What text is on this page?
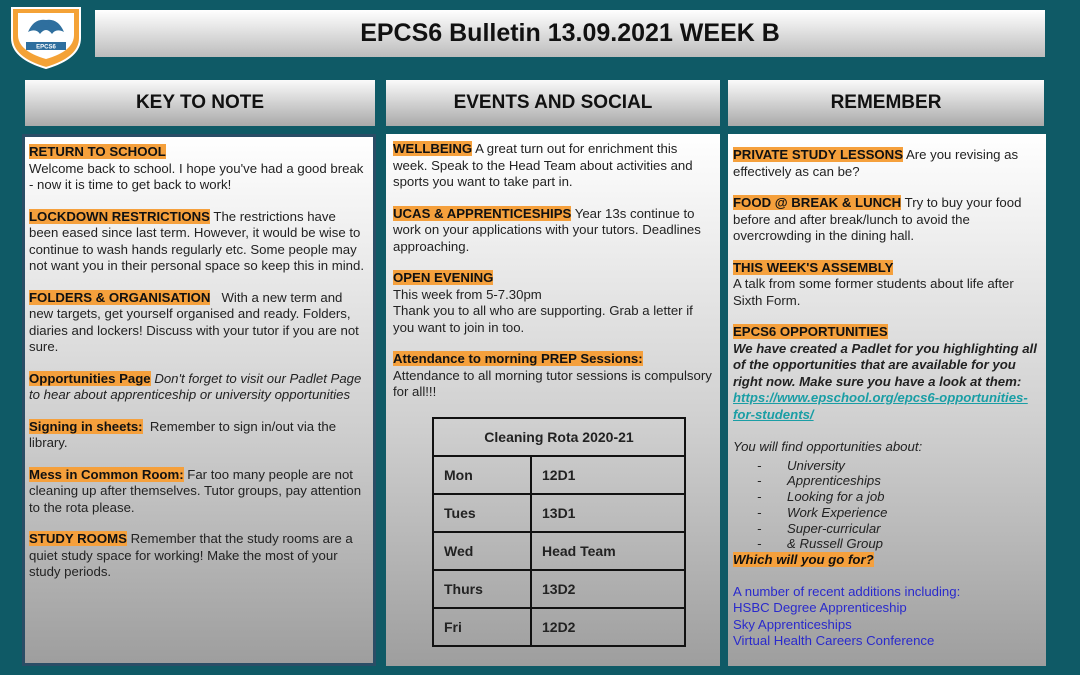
EPCS6
EPCS6 Bulletin 13.09.2021 WEEK B
KEY TO NOTE	EVENTS AND SOCIAL	REMEMBER
RETURN TO SCHOOL
Welcome back to school. I hope you've had a good break - now it is time to get back to work!
LOCKDOWN RESTRICTIONS The restrictions have been eased since last term. However, it would be wise to continue to wash hands regularly etc. Some people may not want you in their personal space so keep this in mind.
FOLDERS & ORGANISATION With a new term and new targets, get yourself organised and ready. Folders, diaries and lockers! Discuss with your tutor if you are not sure.
Opportunities Page Don't forget to visit our Padlet Page to hear about apprenticeship or university opportunities
Signing in sheets: Remember to sign in/out via the library.
Mess in Common Room: Far too many people are not cleaning up after themselves. Tutor groups, pay attention to the rota please.
STUDY ROOMS Remember that the study rooms are a quiet study space for working! Make the most of your study periods.
WELLBEING A great turn out for enrichment this week. Speak to the Head Team about activities and sports you want to take part in.
UCAS & APPRENTICESHIPS Year 13s continue to work on your applications with your tutors. Deadlines approaching.
OPEN EVENING
This week from 5-7.30pm
Thank you to all who are supporting. Grab a letter if you want to join in too.
Attendance to morning PREP Sessions:
Attendance to all morning tutor sessions is compulsory for all!!!
Cleaning Rota 2020-21	
Mon	12D1
Tues	13D1
Wed	Head Team
Thurs	13D2
Fri	12D2
PRIVATE STUDY LESSONS Are you revising as effectively as can be?
FOOD @ BREAK & LUNCH Try to buy your food before and after break/lunch to avoid the overcrowding in the dining hall.
THIS WEEK'S ASSEMBLY
A talk from some former students about life after Sixth Form.
EPCS6 OPPORTUNITIES
We have created a Padlet for you highlighting all of the opportunities that are available for you right now. Make sure you have a look at them:
https://www.epschool.org/epcs6-opportunities-for-students/
You will find opportunities about:
- University
- Apprenticeships
- Looking for a job
- Work Experience
- Super-curricular
- & Russell Group
Which will you go for?
A number of recent additions including:
HSBC Degree Apprenticeship
Sky Apprenticeships
Virtual Health Careers Conference
